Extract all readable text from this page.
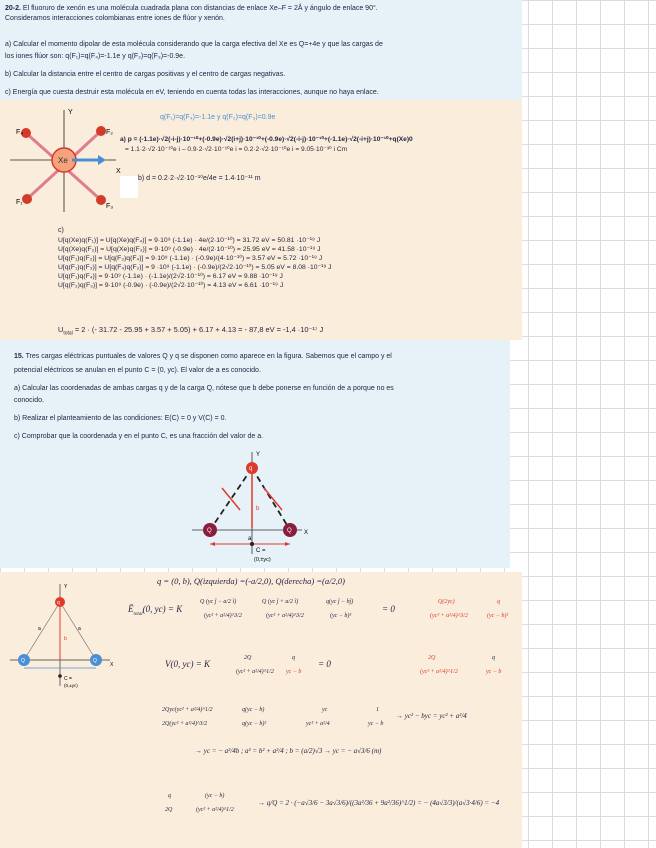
20-2. El fluoruro de xenón es una molécula cuadrada plana con distancias de enlace Xe–F = 2Å y ángulo de enlace 90°.
Consideramos interacciones colombianas entre iones de flúor y xenón.
a) Calcular el momento dipolar de esta molécula considerando que la carga efectiva del Xe es Q=+4e y que las cargas de
los iones flúor son: q(F₁)=q(F₄)=-1.1e y q(F₂)=q(F₃)=-0.9e.
b) Calcular la distancia entre el centro de cargas positivas y el centro de cargas negativas.
c) Energía que cuesta destruir esta molécula en eV, teniendo en cuenta todas las interacciones, aunque no haya enlace.
q(F₁)=q(F₄)=-1.1e y q(F₂)=q(F₃)=0.9e
a) p = (-1.1e)·√2(-i-j)·10⁻¹⁰+(-0.9e)·√2(i+j)·10⁻¹⁰+(-0.9e)·√2(-i-j)·10⁻¹⁰+(-1.1e)·√2(-i+j)·10⁻¹⁰+q(Xe)0
= 1.1·2·√2·10⁻¹⁰e i – 0.9·2·√2·10⁻¹⁰e i = 0.2·2·√2·10⁻¹⁰e i = 9.05·10⁻³⁰ i Cm
b) d = 0.2·2·√2·10⁻¹⁰e/4e = 1.4·10⁻¹¹ m
Xe
F₄	F₂
F₁
F₃
Y
X
c)
U[q(Xe)q(F₁)] = U[q(Xe)q(F₄)] = 9·10⁹ (-1.1e) · 4e/(2·10⁻¹⁰) = 31.72 eV = 50.81 ·10⁻¹⁹ J
U[q(Xe)q(F₂)] = U[q(Xe)q(F₃)] = 9·10⁹ (-0.9e) · 4e/(2·10⁻¹⁰) = 25.95 eV = 41.58 ·10⁻¹⁹ J
U[q(F₁)q(F₂)] = U[q(F₃)q(F₄)] = 9·10⁹ (-1.1e) · (-0.9e)/(4·10⁻¹⁰) = 3.57 eV = 5.72 ·10⁻¹⁹ J
U[q(F₁)q(F₃)] = U[q(F₄)q(F₂)] = 9 ·10⁹ (-1.1e) · (-0.9e)/(2√2·10⁻¹⁰) = 5.05 eV = 8.08 ·10⁻¹⁹ J
U[q(F₁)q(F₄)] = 9·10⁹ (-1.1e) · (-1.1e)/(2√2·10⁻¹⁰) = 6.17 eV = 9.88 ·10⁻¹⁹ J
U[q(F₂)q(F₃)] = 9·10⁹ (-0.9e) · (-0.9e)/(2√2·10⁻¹⁰) = 4.13 eV = 6.61 ·10⁻¹⁹ J
$U_{total} = 2$ · (- 31.72 - 25.95 + 3.57 + 5.05) + 6.17 + 4.13 = - 87,8 eV = -1,4 ·10⁻¹⁷ J
15. Tres cargas eléctricas puntuales de valores Q y q se disponen como aparece en la figura. Sabemos que el campo y el
potencial eléctricos se anulan en el punto C = (0, yc). El valor de a es conocido.
a) Calcular las coordenadas de ambas cargas q y de la carga Q, nótese que b debe ponerse en función de a porque no es
conocido.
b) Realizar el planteamiento de las condiciones: E(C) = 0 y V(C) = 0.
c) Comprobar que la coordenada y en el punto C, es una fracción del valor de a.
q
Q	Q
Y
X
b
a
C =
(0,±yc)
q
Q	Q
Y
X
b
a	a
C =
(0,±yc)
q = (0, b), Q(izquierda) =(-a/2,0), Q(derecha) =(a/2,0)
$Ē_{total}(0$, yc) = K
Q (yc ĵ − a/2 î)
(yc² + a²/4)^3/2
Q (yc ĵ + a/2 î)
(yc² + a²/4)^3/2
q(yc ĵ − bĵ)
(yc − b)³
= 0
Q(2yc)
(yc² + a²/4)^3/2
q
(yc − b)²
V(0, yc) = K
2Q
(yc² + a²/4)^1/2
q
yc − b
= 0
2Q
(yc² + a²/4)^1/2
q
yc − b
2Qyc(yc² + a²/4)^1/2
2Q(yc² + a²/4)^3/2
q(yc − b)
q(yc − b)²
yc
yc² + a²/4
1
yc − b
→ yc² − byc = yc² + a²/4
→ yc = − a²/4b ; a² = b² + a²/4 ; b = (a/2)√3 → yc = − a√3/6 (m)
q
2Q
(yc − b)
(yc² + a²/4)^1/2
→ q/Q = 2 · (−a√3/6 − 3a√3/6)/((3a²/36 + 9a²/36)^1/2) = − (4a√3/3)/(a√3·4/6) = −4
